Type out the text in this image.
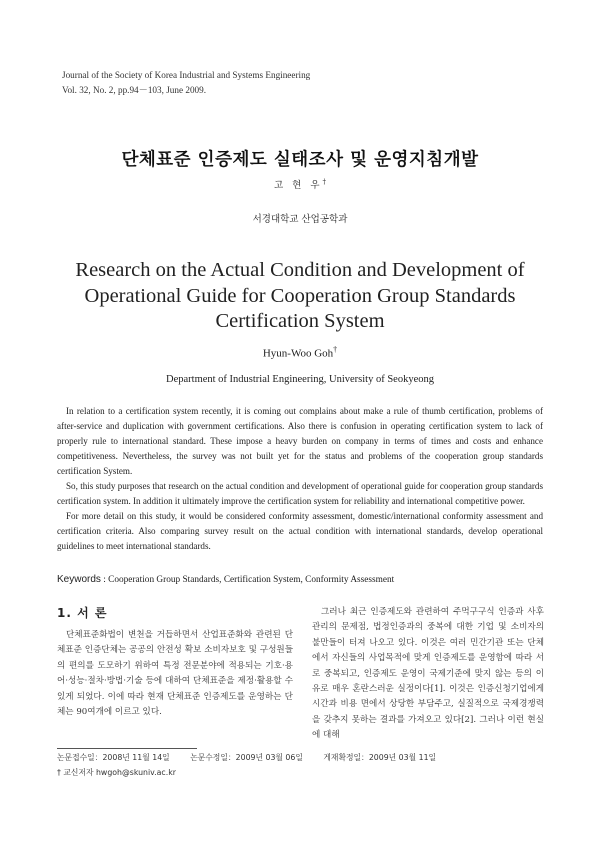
Journal of the Society of Korea Industrial and Systems Engineering
Vol. 32, No. 2, pp.94－103, June 2009.
단체표준 인증제도 실태조사 및 운영지침개발
고 현 우†
서경대학교 산업공학과
Research on the Actual Condition and Development of
Operational Guide for Cooperation Group Standards
Certification System
Hyun-Woo Goh†
Department of Industrial Engineering, University of Seokyeong

In relation to a certification system recently, it is coming out complains about make a rule of thumb certification, problems of after-service and duplication with government certifications. Also there is confusion in operating certification system to lack of properly rule to international standard. These impose a heavy burden on company in terms of times and costs and enhance competitiveness. Nevertheless, the survey was not built yet for the status and problems of the cooperation group standards certification System.

So, this study purposes that research on the actual condition and development of operational guide for cooperation group standards certification system. In addition it ultimately improve the certification system for reliability and international competitive power.

For more detail on this study, it would be considered conformity assessment, domestic/international conformity assessment and certification criteria. Also comparing survey result on the actual condition with international standards, develop operational guidelines to meet international standards.

Keywords : Cooperation Group Standards, Certification System, Conformity Assessment
1. 서 론

단체표준화법이 변천을 거듭하면서 산업표준화와 관련된 단체표준 인증단체는 공공의 안전성 확보 소비자보호 및 구성원들의 편의를 도모하기 위하여 특정 전문분야에 적용되는 기호·용어·성능·절차·방법·기술 등에 대하여 단체표준을 제정·활용할 수 있게 되었다. 이에 따라 현재 단체표준 인증제도를 운영하는 단체는 90여개에 이르고 있다.

그러나 최근 인증제도와 관련하여 주먹구구식 인증과 사후관리의 문제점, 법정인증과의 중복에 대한 기업 및 소비자의 불만들이 터져 나오고 있다. 이것은 여러 민간기관 또는 단체에서 자신들의 사업목적에 맞게 인증제도를 운영함에 따라 서로 중복되고, 인증제도 운영이 국제기준에 맞지 않는 등의 이유로 매우 혼란스러운 실정이다[1]. 이것은 인증신청기업에게 시간과 비용 면에서 상당한 부담주고, 실질적으로 국제경쟁력을 갖추지 못하는 결과를 가져오고 있다[2]. 그러나 이런 현실에 대해

논문접수일：2008년 11월 14일	논문수정일：2009년 03월 06일	게재확정일：2009년 03월 11일
† 교신저자 hwgoh@skuniv.ac.kr
